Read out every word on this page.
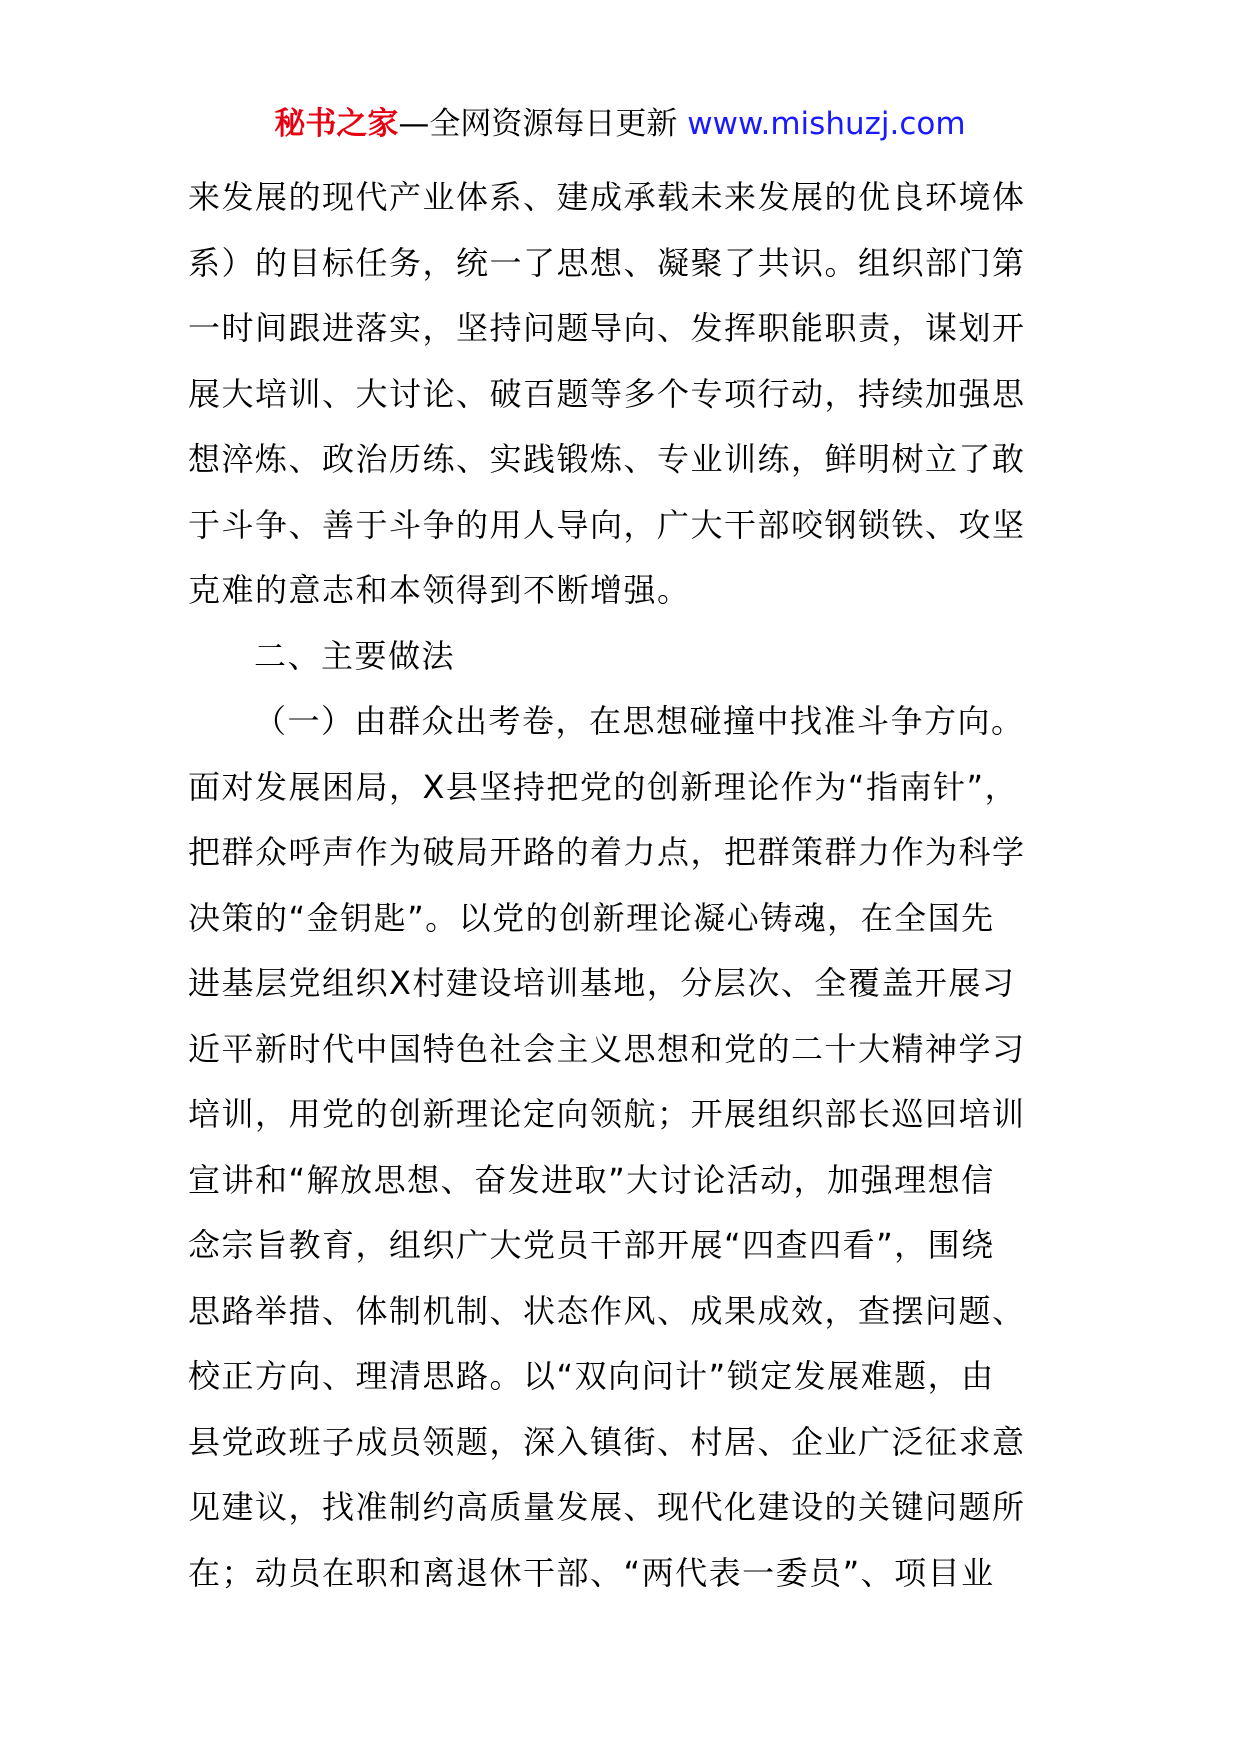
秘书之家—全网资源每日更新 www.mishuzj.com
来发展的现代产业体系、建成承载未来发展的优良环境体
系）的目标任务，统一了思想、凝聚了共识。组织部门第
一时间跟进落实，坚持问题导向、发挥职能职责，谋划开
展大培训、大讨论、破百题等多个专项行动，持续加强思
想淬炼、政治历练、实践锻炼、专业训练，鲜明树立了敢
于斗争、善于斗争的用人导向，广大干部咬钢锁铁、攻坚
克难的意志和本领得到不断增强。
二、主要做法
（一）由群众出考卷，在思想碰撞中找准斗争方向。
面对发展困局，X县坚持把党的创新理论作为“指南针”，
把群众呼声作为破局开路的着力点，把群策群力作为科学
决策的“金钥匙”。以党的创新理论凝心铸魂，在全国先
进基层党组织X村建设培训基地，分层次、全覆盖开展习
近平新时代中国特色社会主义思想和党的二十大精神学习
培训，用党的创新理论定向领航；开展组织部长巡回培训
宣讲和“解放思想、奋发进取”大讨论活动，加强理想信
念宗旨教育，组织广大党员干部开展“四查四看”，围绕
思路举措、体制机制、状态作风、成果成效，查摆问题、
校正方向、理清思路。以“双向问计”锁定发展难题，由
县党政班子成员领题，深入镇街、村居、企业广泛征求意
见建议，找准制约高质量发展、现代化建设的关键问题所
在；动员在职和离退休干部、“两代表一委员”、项目业
